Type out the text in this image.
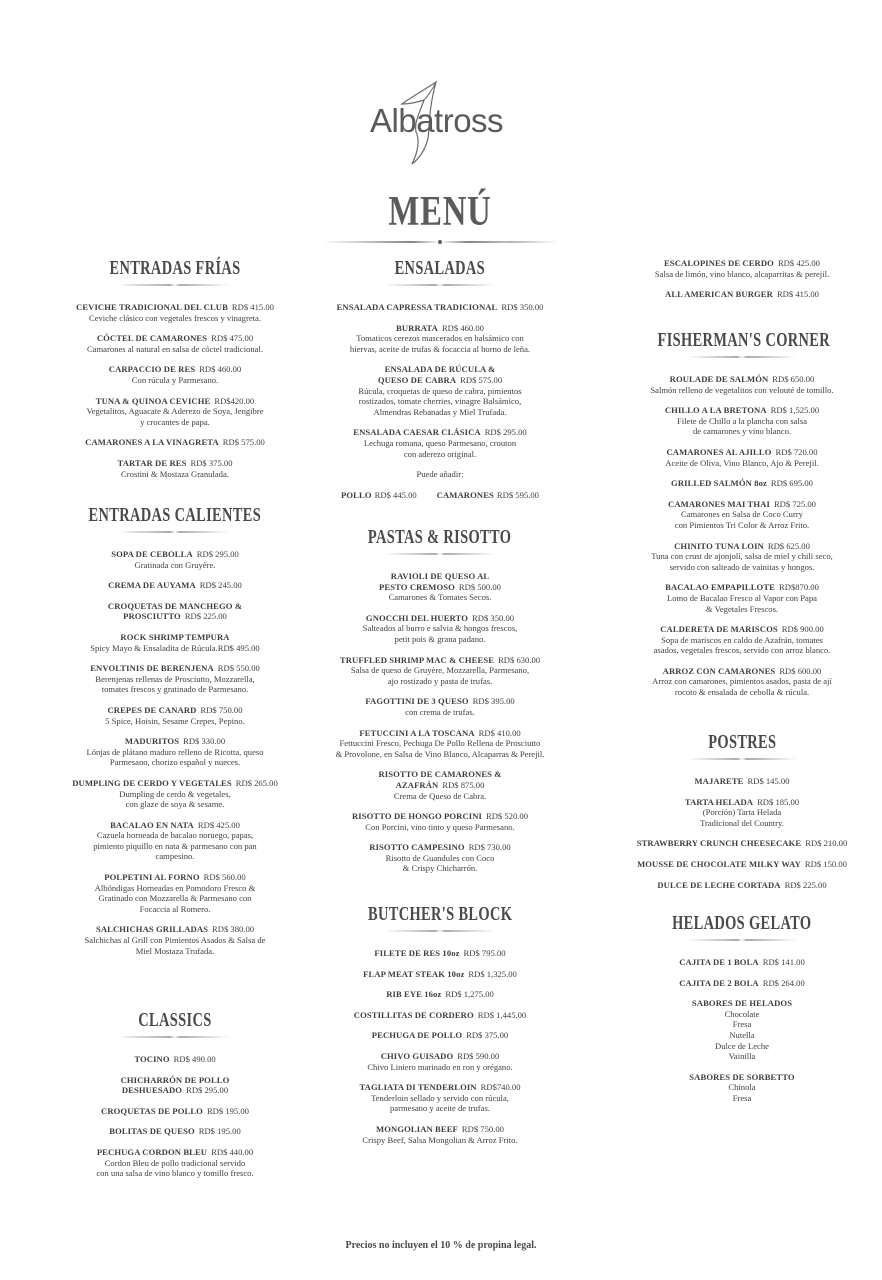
Albatross
MENÚ
ENTRADAS FRÍAS
CEVICHE TRADICIONAL DEL CLUB RD$ 415.00
Ceviche clásico con vegetales frescos y vinagreta.
CÓCTEL DE CAMARONES RD$ 475.00
Camarones al natural en salsa de cóctel tradicional.
CARPACCIO DE RES RD$ 460.00
Con rúcula y Parmesano.
TUNA & QUINOA CEVICHE RD$420.00
Vegetalitos, Aguacate & Aderezo de Soya, Jengibre
y crocantes de papa.
CAMARONES A LA VINAGRETA RD$ 575.00
TARTAR DE RES RD$ 375.00
Crostini & Mostaza Granulada.
ENTRADAS CALIENTES
SOPA DE CEBOLLA RD$ 295.00
Gratinada con Gruyère.
CREMA DE AUYAMA RD$ 245.00
CROQUETAS DE MANCHEGO &
PROSCIUTTO RD$ 225.00
ROCK SHRIMP TEMPURA
Spicy Mayo & Ensaladita de Rúcula.RD$ 495.00
ENVOLTINIS DE BERENJENA RD$ 550.00
Berenjenas rellenas de Prosciutto, Mozzarella,
tomates frescos y gratinado de Parmesano.
CREPES DE CANARD RD$ 750.00
5 Spice, Hoisin, Sesame Crepes, Pepino.
MADURITOS RD$ 330.00
Lónjas de plátano maduro relleno de Ricotta, queso
Parmesano, chorizo español y nueces.
DUMPLING DE CERDO Y VEGETALES RD$ 265.00
Dumpling de cerdo & vegetales,
con glaze de soya & sesame.
BACALAO EN NATA RD$ 425.00
Cazuela horneada de bacalao noruego, papas,
pimiento piquillo en nata & parmesano con pan
campesino.
POLPETINI AL FORNO RD$ 560.00
Albóndigas Horneadas en Pomodoro Fresco &
Gratinado con Mozzarella & Parmesano con
Focaccia al Romero.
SALCHICHAS GRILLADAS RD$ 380.00
Salchichas al Grill con Pimientos Asados & Salsa de
Miel Mostaza Trufada.
CLASSICS
TOCINO RD$ 490.00
CHICHARRÓN DE POLLO
DESHUESADO RD$ 295.00
CROQUETAS DE POLLO RD$ 195.00
BOLITAS DE QUESO RD$ 195.00
PECHUGA CORDON BLEU RD$ 440.00
Cordon Bleu de pollo tradicional servido
con una salsa de vino blanco y tomillo fresco.
ENSALADAS
ENSALADA CAPRESSA TRADICIONAL RD$ 350.00
BURRATA RD$ 460.00
Tomaticos cerezos mascerados en balsámico con
hiervas, aceite de trufas & focaccia al horno de leña.
ENSALADA DE RÚCULA &
QUESO DE CABRA RD$ 575.00
Rúcula, croquetas de queso de cabra, pimientos
rostizados, tomate cherries, vinagre Balsámico,
Almendras Rebanadas y Miel Trufada.
ENSALADA CAESAR CLÁSICA RD$ 295.00
Lechuga romana, queso Parmesano, crouton
con aderezo original.
Puede añadir:
POLLO RD$ 445.00 CAMARONES RD$ 595.00
PASTAS & RISOTTO
RAVIOLI DE QUESO AL
PESTO CREMOSO RD$ 500.00
Camarones & Tomates Secos.
GNOCCHI DEL HUERTO RD$ 350.00
Salteados al burro e salvia & hongos frescos,
petit pois & grana padano.
TRUFFLED SHRIMP MAC & CHEESE RD$ 630.00
Salsa de queso de Gruyère, Mozzarella, Parmesano,
ajo rostizado y pasta de trufas.
FAGOTTINI DE 3 QUESO RD$ 395.00
con crema de trufas.
FETUCCINI A LA TOSCANA RD$ 410.00
Fettuccini Fresco, Pechuga De Pollo Rellena de Prosciutto
& Provolone, en Salsa de Vino Blanco, Alcaparras & Perejil.
RISOTTO DE CAMARONES &
AZAFRÁN RD$ 875.00
Crema de Queso de Cabra.
RISOTTO DE HONGO PORCINI RD$ 520.00
Con Porcini, vino tinto y queso Parmesano.
RISOTTO CAMPESINO RD$ 730.00
Risotto de Guandules con Coco
& Crispy Chicharrón.
BUTCHER'S BLOCK
FILETE DE RES 10oz RD$ 795.00
FLAP MEAT STEAK 10oz RD$ 1,325.00
RIB EYE 16oz RD$ 1,275.00
COSTILLITAS DE CORDERO RD$ 1,445.00
PECHUGA DE POLLO RD$ 375.00
CHIVO GUISADO RD$ 590.00
Chivo Liniero marinado en ron y orégano.
TAGLIATA DI TENDERLOIN RD$740.00
Tenderloin sellado y servido con rúcula,
parmesano y aceite de trufas.
MONGOLIAN BEEF RD$ 750.00
Crispy Beef, Salsa Mongolian & Arroz Frito.
ESCALOPINES DE CERDO RD$ 425.00
Salsa de limón, vino blanco, alcaparritas & perejil.
ALL AMERICAN BURGER RD$ 415.00
FISHERMAN'S CORNER
ROULADE DE SALMÓN RD$ 650.00
Salmón relleno de vegetalitos con velouté de tomillo.
CHILLO A LA BRETONA RD$ 1,525.00
Filete de Chillo a la plancha con salsa
de camarones y vino blanco.
CAMARONES AL AJILLO RD$ 720.00
Aceite de Oliva, Vino Blanco, Ajo & Perejil.
GRILLED SALMÓN 8oz RD$ 695.00
CAMARONES MAI THAI RD$ 725.00
Camarones en Salsa de Coco Curry
con Pimientos Tri Color & Arroz Frito.
CHINITO TUNA LOIN RD$ 625.00
Tuna con crust de ajonjolí, salsa de miel y chili seco,
servido con salteado de vainitas y hongos.
BACALAO EMPAPILLOTE RD$870.00
Lomo de Bacalao Fresco al Vapor con Papa
& Vegetales Frescos.
CALDERETA DE MARISCOS RD$ 900.00
Sopa de mariscos en caldo de Azafrán, tomates
asados, vegetales frescos, servido con arroz blanco.
ARROZ CON CAMARONES RD$ 600.00
Arroz con camarones, pimientos asados, pasta de ají
rocoto & ensalada de cebolla & rúcula.
POSTRES
MAJARETE RD$ 145.00
TARTA HELADA RD$ 185.00
(Porción) Tarta Helada
Tradicional del Country.
STRAWBERRY CRUNCH CHEESECAKE RD$ 210.00
MOUSSE DE CHOCOLATE MILKY WAY RD$ 150.00
DULCE DE LECHE CORTADA RD$ 225.00
HELADOS GELATO
CAJITA DE 1 BOLA RD$ 141.00
CAJITA DE 2 BOLA RD$ 264.00
SABORES DE HELADOS
Chocolate
Fresa
Nutella
Dulce de Leche
Vainilla
SABORES DE SORBETTO
Chinola
Fresa
Precios no incluyen el 10 % de propina legal.
